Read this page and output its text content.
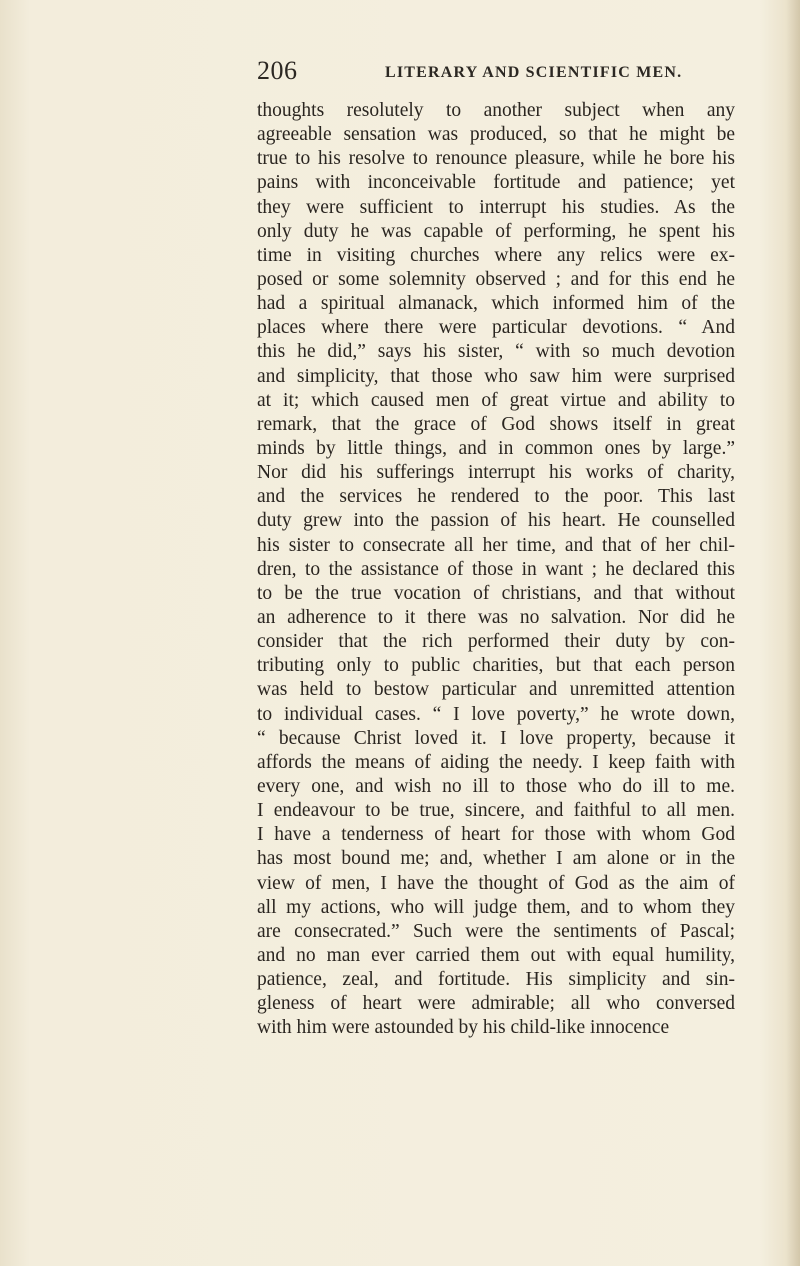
206	LITERARY AND SCIENTIFIC MEN.
thoughts resolutely to another subject when any
agreeable sensation was produced, so that he might be
true to his resolve to renounce pleasure, while he bore his
pains with inconceivable fortitude and patience; yet
they were sufficient to interrupt his studies. As the
only duty he was capable of performing, he spent his
time in visiting churches where any relics were ex-
posed or some solemnity observed ; and for this end he
had a spiritual almanack, which informed him of the
places where there were particular devotions. “ And
this he did,” says his sister, “ with so much devotion
and simplicity, that those who saw him were surprised
at it; which caused men of great virtue and ability to
remark, that the grace of God shows itself in great
minds by little things, and in common ones by large.”
Nor did his sufferings interrupt his works of charity,
and the services he rendered to the poor. This last
duty grew into the passion of his heart. He counselled
his sister to consecrate all her time, and that of her chil-
dren, to the assistance of those in want ; he declared this
to be the true vocation of christians, and that without
an adherence to it there was no salvation. Nor did he
consider that the rich performed their duty by con-
tributing only to public charities, but that each person
was held to bestow particular and unremitted attention
to individual cases. “ I love poverty,” he wrote down,
“ because Christ loved it. I love property, because it
affords the means of aiding the needy. I keep faith with
every one, and wish no ill to those who do ill to me.
I endeavour to be true, sincere, and faithful to all men.
I have a tenderness of heart for those with whom God
has most bound me; and, whether I am alone or in the
view of men, I have the thought of God as the aim of
all my actions, who will judge them, and to whom they
are consecrated.” Such were the sentiments of Pascal;
and no man ever carried them out with equal humility,
patience, zeal, and fortitude. His simplicity and sin-
gleness of heart were admirable; all who conversed
with him were astounded by his child-like innocence
